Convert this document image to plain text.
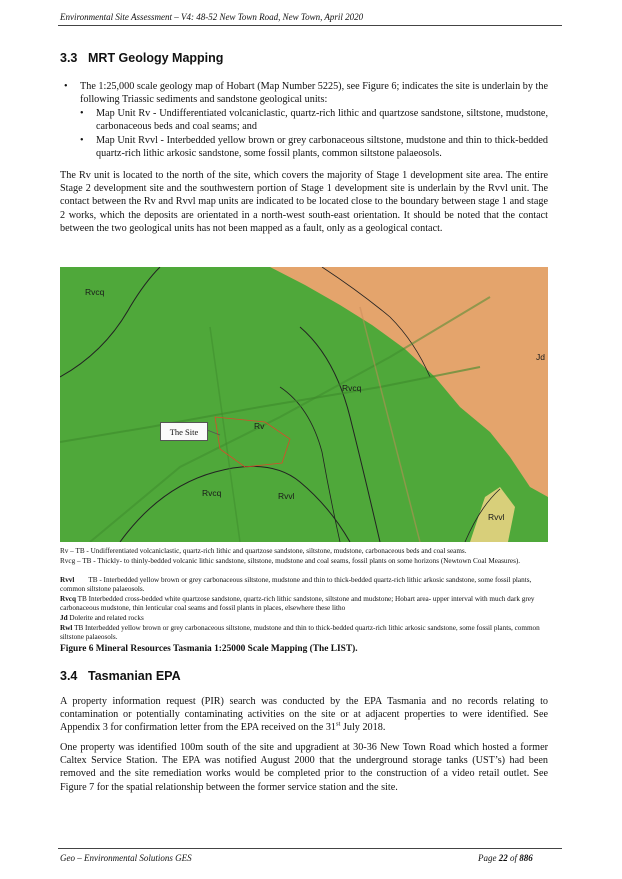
Environmental Site Assessment – V4: 48-52 New Town Road, New Town, April 2020
3.3 MRT Geology Mapping
• The 1:25,000 scale geology map of Hobart (Map Number 5225), see Figure 6; indicates the site is underlain by the following Triassic sediments and sandstone geological units:
• Map Unit Rv - Undifferentiated volcaniclastic, quartz-rich lithic and quartzose sandstone, siltstone, mudstone, carbonaceous beds and coal seams; and
• Map Unit Rvvl - Interbedded yellow brown or grey carbonaceous siltstone, mudstone and thin to thick-bedded quartz-rich lithic arkosic sandstone, some fossil plants, common siltstone palaeosols.
The Rv unit is located to the north of the site, which covers the majority of Stage 1 development site area. The entire Stage 2 development site and the southwestern portion of Stage 1 development site is underlain by the Rvvl unit. The contact between the Rv and Rvvl map units are indicated to be located close to the boundary between stage 1 and stage 2 works, which the deposits are orientated in a north-west south-east orientation. It should be noted that the contact between the two geological units has not been mapped as a fault, only as a geological contact.
Rvcq
Jd
Rvcq
Rv
Rvcq	Rvvl
Rvvl
The Site
Rv – TB - Undifferentiated volcaniclastic, quartz-rich lithic and quartzose sandstone, siltstone, mudstone, carbonaceous beds and coal seams.
Rvcg – TB - Thickly- to thinly-bedded volcanic lithic sandstone, siltstone, mudstone and coal seams, fossil plants on some horizons (Newtown Coal Measures).
Rvvl TB - Interbedded yellow brown or grey carbonaceous siltstone, mudstone and thin to thick-bedded quartz-rich lithic arkosic sandstone, some fossil plants, common siltstone palaeosols.
Rvcq TB Interbedded cross-bedded white quartzose sandstone, quartz-rich lithic sandstone, siltstone and mudstone; Hobart area- upper interval with much dark grey carbonaceous mudstone, thin lenticular coal seams and fossil plants in places, elsewhere these litho
Jd Dolerite and related rocks
Rwl TB Interbedded yellow brown or grey carbonaceous siltstone, mudstone and thin to thick-bedded quartz-rich lithic arkosic sandstone, some fossil plants, common siltstone palaeosols.
Figure 6 Mineral Resources Tasmania 1:25000 Scale Mapping (The LIST).
3.4 Tasmanian EPA
A property information request (PIR) search was conducted by the EPA Tasmania and no records relating to contamination or potentially contaminating activities on the site or at adjacent properties to were identified. See Appendix 3 for confirmation letter from the EPA received on the 31st July 2018.
One property was identified 100m south of the site and upgradient at 30-36 New Town Road which hosted a former Caltex Service Station. The EPA was notified August 2000 that the underground storage tanks (UST’s) had been removed and the site remediation works would be completed prior to the construction of a video retail outlet. See Figure 7 for the spatial relationship between the former service station and the site.
Geo – Environmental Solutions GES	Page 22 of 886
